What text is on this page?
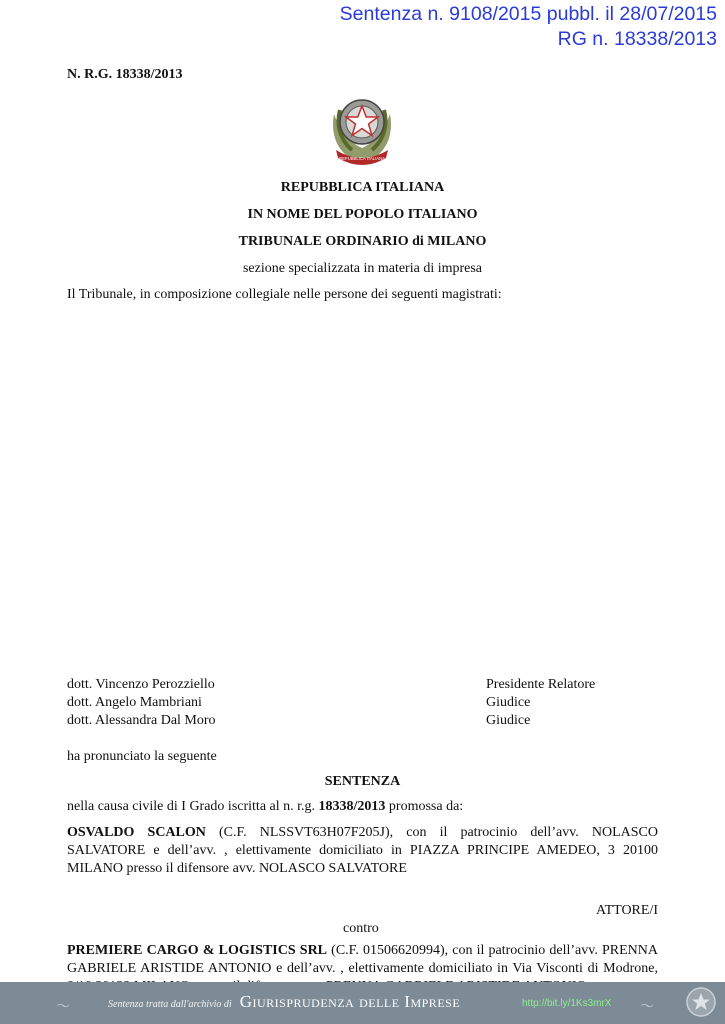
Sentenza n. 9108/2015 pubbl. il 28/07/2015
RG n. 18338/2013
N. R.G. 18338/2013
REPUBBLICA ITALIANA
REPUBBLICA ITALIANA
IN NOME DEL POPOLO ITALIANO
TRIBUNALE ORDINARIO di MILANO
sezione specializzata in materia di impresa
Il Tribunale, in composizione collegiale nelle persone dei seguenti magistrati:
dott. Vincenzo Perozziello	Presidente Relatore
dott. Angelo Mambriani	Giudice
dott. Alessandra Dal Moro	Giudice
ha pronunciato la seguente
SENTENZA
nella causa civile di I Grado iscritta al n. r.g. 18338/2013 promossa da:
OSVALDO SCALON (C.F. NLSSVT63H07F205J), con il patrocinio dell’avv. NOLASCO SALVATORE e dell’avv. , elettivamente domiciliato in PIAZZA PRINCIPE AMEDEO, 3 20100 MILANO presso il difensore avv. NOLASCO SALVATORE
ATTORE/I
contro
PREMIERE CARGO & LOGISTICS SRL (C.F. 01506620994), con il patrocinio dell’avv. PRENNA GABRIELE ARISTIDE ANTONIO e dell’avv. , elettivamente domiciliato in Via Visconti di Modrone,
〜	Sentenza tratta dall'archivio di Giurisprudenza delle Imprese	http://bit.ly/1Ks3mrX 〜
